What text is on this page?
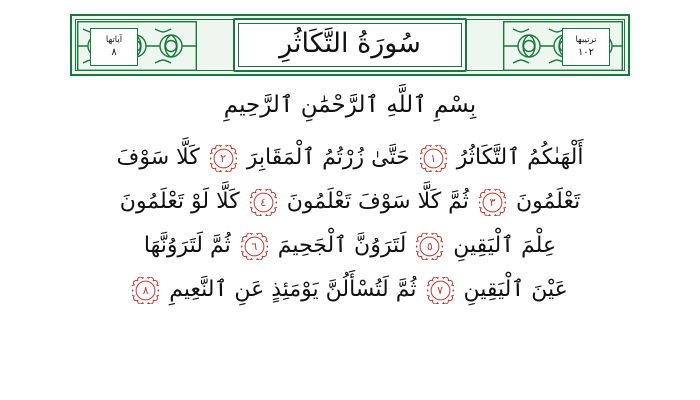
سُورَةُ التَّكَاثُرِ
آياتها
٨
ترتيبها
١٠٢
بِسْمِ ٱللَّهِ ٱلرَّحْمَٰنِ ٱلرَّحِيمِ
أَلْهَىٰكُمُ ٱلتَّكَاثُرُ
١
حَتَّىٰ زُرْتُمُ ٱلْمَقَابِرَ
٢
كَلَّا سَوْفَ
تَعْلَمُونَ
٣
ثُمَّ كَلَّا سَوْفَ تَعْلَمُونَ
٤
كَلَّا لَوْ تَعْلَمُونَ
عِلْمَ ٱلْيَقِينِ
٥
لَتَرَوُنَّ ٱلْجَحِيمَ
٦
ثُمَّ لَتَرَوُنَّهَا
عَيْنَ ٱلْيَقِينِ
٧
ثُمَّ لَتُسْأَلُنَّ يَوْمَئِذٍ عَنِ ٱلنَّعِيمِ
٨
